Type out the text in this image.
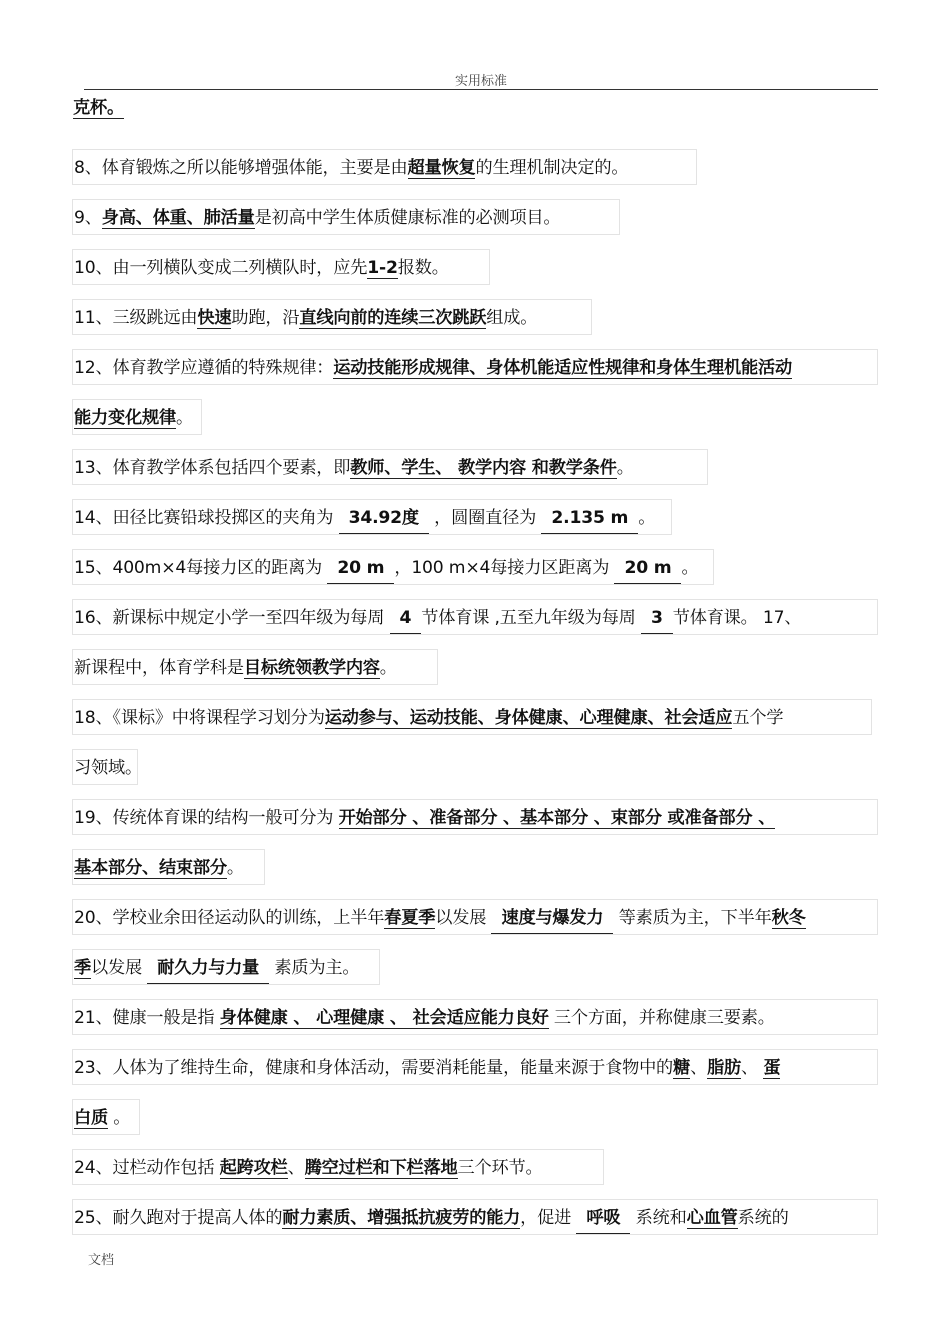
实用标准
克杯。
8、体育锻炼之所以能够增强体能，主要是由超量恢复的生理机制决定的。
9、身高、体重、肺活量是初高中学生体质健康标准的必测项目。
10、由一列横队变成二列横队时，应先1-2报数。
11、三级跳远由快速助跑，沿直线向前的连续三次跳跃组成。
12、体育教学应遵循的特殊规律：运动技能形成规律、身体机能适应性规律和身体生理机能活动
能力变化规律。
13、体育教学体系包括四个要素，即教师、学生、 教学内容 和教学条件。
14、田径比赛铅球投掷区的夹角为 34.92度 ，圆圈直径为 2.135 m 。
15、400m×4每接力区的距离为 20 m ，100 m×4每接力区距离为 20 m 。
16、新课标中规定小学一至四年级为每周 4 节体育课 ,五至九年级为每周 3 节体育课。 17、
新课程中，体育学科是目标统领教学内容。
18、《课标》中将课程学习划分为运动参与、运动技能、身体健康、心理健康、社会适应五个学
习领域。
19、传统体育课的结构一般可分为 开始部分 、准备部分 、基本部分 、束部分 或准备部分 、
基本部分、结束部分。
20、学校业余田径运动队的训练，上半年春夏季以发展 速度与爆发力 等素质为主，下半年秋冬
季以发展 耐久力与力量 素质为主。
21、健康一般是指 身体健康 、 心理健康 、 社会适应能力良好 三个方面，并称健康三要素。
23、人体为了维持生命，健康和身体活动，需要消耗能量，能量来源于食物中的糖、脂肪、 蛋
白质 。
24、过栏动作包括 起跨攻栏、腾空过栏和下栏落地三个环节。
25、耐久跑对于提高人体的耐力素质、增强抵抗疲劳的能力，促进 呼吸 系统和心血管系统的
文档
